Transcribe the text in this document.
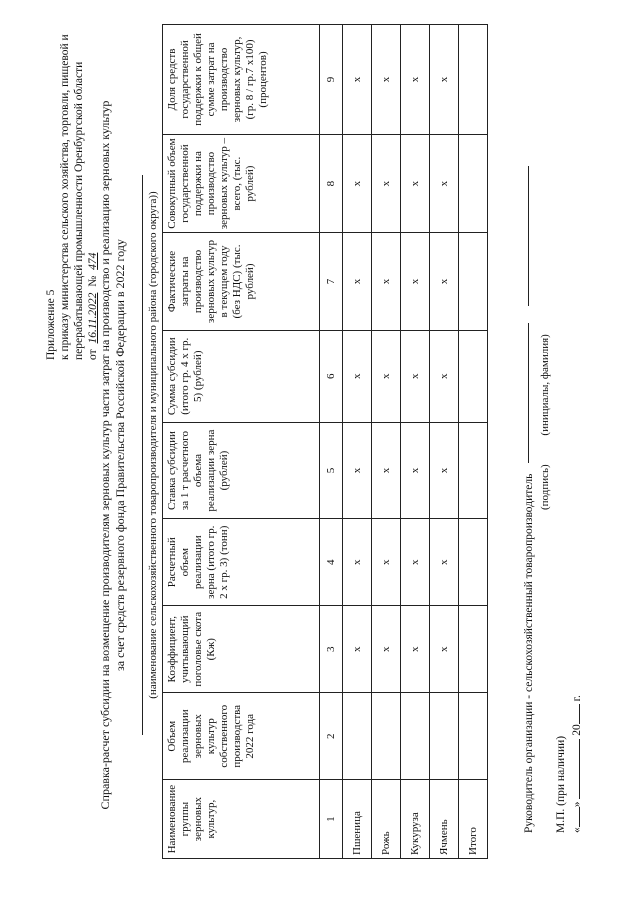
Приложение 5 к приказу министерства сельского хозяйства, торговли, пищевой и перерабатывающей промышленности Оренбургской области от 16.11.2022 № 474 Справка-расчет субсидии на возмещение производителям зерновых культур части затрат на производство и реализацию зерновых культур за счет средств резервного фонда Правительства Российской Федерации в 2022 году (наименование сельскохозяйственного товаропроизводителя и муниципального района (городского округа))
Наименование группы зерновых культур,	Объем реализации зерновых культур собственного производства 2022 года	Коэффициент, учитывающий поголовье скота (Кж)	Расчетный объем реализации зерна (итого гр. 2 х гр. 3) (тонн)	Ставка субсидии за 1 т расчетного объема реализации зерна (рублей)	Сумма субсидии (итого гр. 4 х гр. 5) (рублей)	Фактические затраты на производство зерновых культур в текущем году (без НДС) (тыс. рублей)	Совокупный объем государственной поддержки на производство зерновых культур – всего, (тыс. рублей)	Доля средств государственной поддержки к общей сумме затрат на производство зерновых культур, (гр. 8 / гр.7 х100) (процентов)
1	2	3	4	5	6	7	8	9
Пшеница		х	х	х	х	х	х	х
Рожь		х	х	х	х	х	х	х
Кукуруза		х	х	х	х	х	х	х
Ячмень		х	х	х	х	х	х	х
Итого								
Руководитель организации - сельскохозяйственный товаропроизводитель (подпись) (инициалы, фамилия)
М.П. (при наличии) «»  20 г.
